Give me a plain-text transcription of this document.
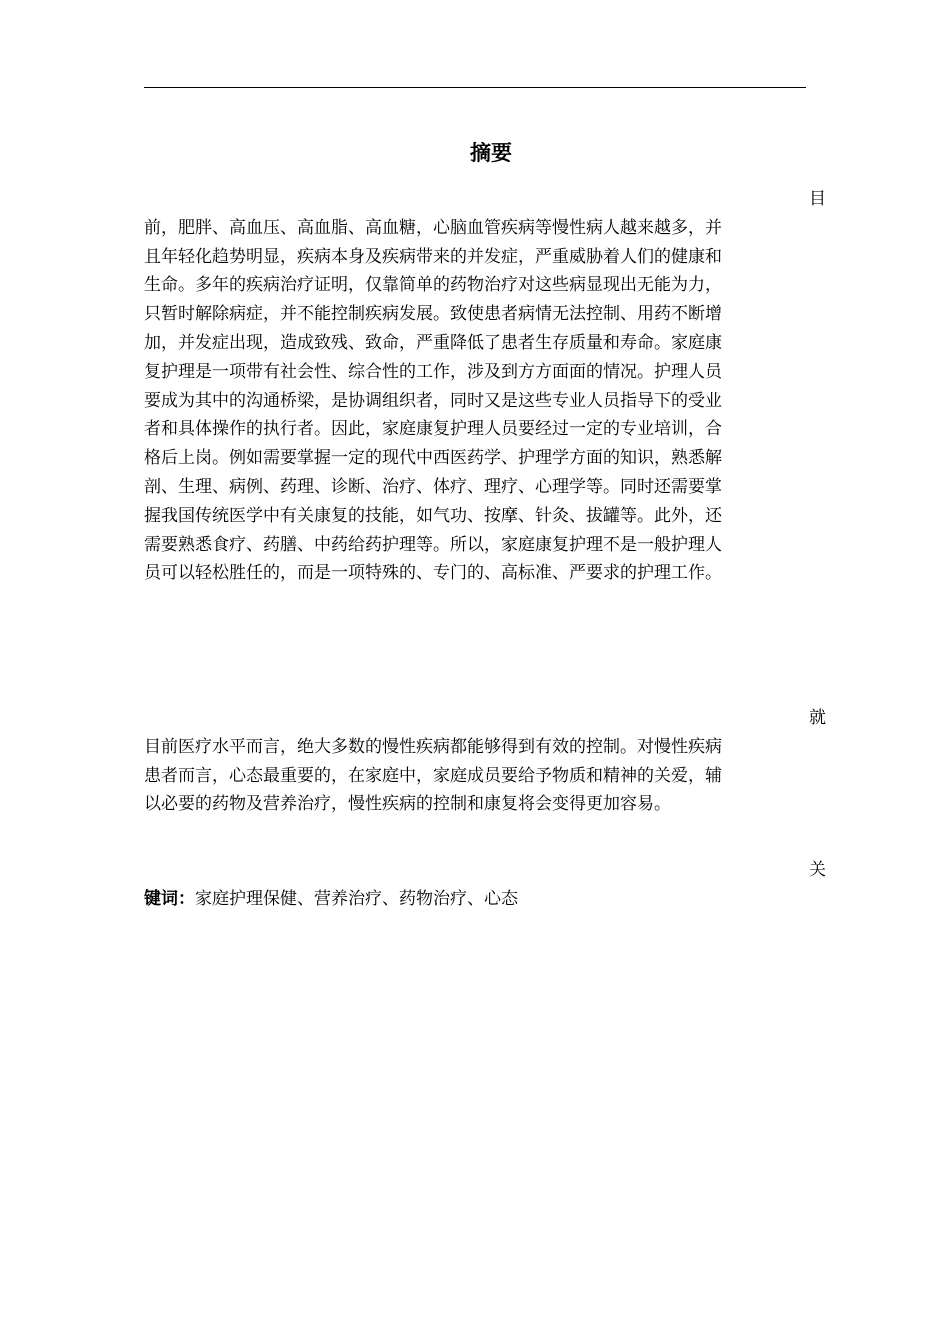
摘要
目
前，肥胖、高血压、高血脂、高血糖，心脑血管疾病等慢性病人越来越多，并
且年轻化趋势明显，疾病本身及疾病带来的并发症，严重威胁着人们的健康和
生命。多年的疾病治疗证明，仅靠简单的药物治疗对这些病显现出无能为力，
只暂时解除病症，并不能控制疾病发展。致使患者病情无法控制、用药不断增
加，并发症出现，造成致残、致命，严重降低了患者生存质量和寿命。家庭康
复护理是一项带有社会性、综合性的工作，涉及到方方面面的情况。护理人员
要成为其中的沟通桥梁，是协调组织者，同时又是这些专业人员指导下的受业
者和具体操作的执行者。因此，家庭康复护理人员要经过一定的专业培训，合
格后上岗。例如需要掌握一定的现代中西医药学、护理学方面的知识，熟悉解
剖、生理、病例、药理、诊断、治疗、体疗、理疗、心理学等。同时还需要掌
握我国传统医学中有关康复的技能，如气功、按摩、针灸、拔罐等。此外，还
需要熟悉食疗、药膳、中药给药护理等。所以，家庭康复护理不是一般护理人
员可以轻松胜任的，而是一项特殊的、专门的、高标准、严要求的护理工作。
就
目前医疗水平而言，绝大多数的慢性疾病都能够得到有效的控制。对慢性疾病
患者而言，心态最重要的，在家庭中，家庭成员要给予物质和精神的关爱，辅
以必要的药物及营养治疗，慢性疾病的控制和康复将会变得更加容易。
关
键词：家庭护理保健、营养治疗、药物治疗、心态
